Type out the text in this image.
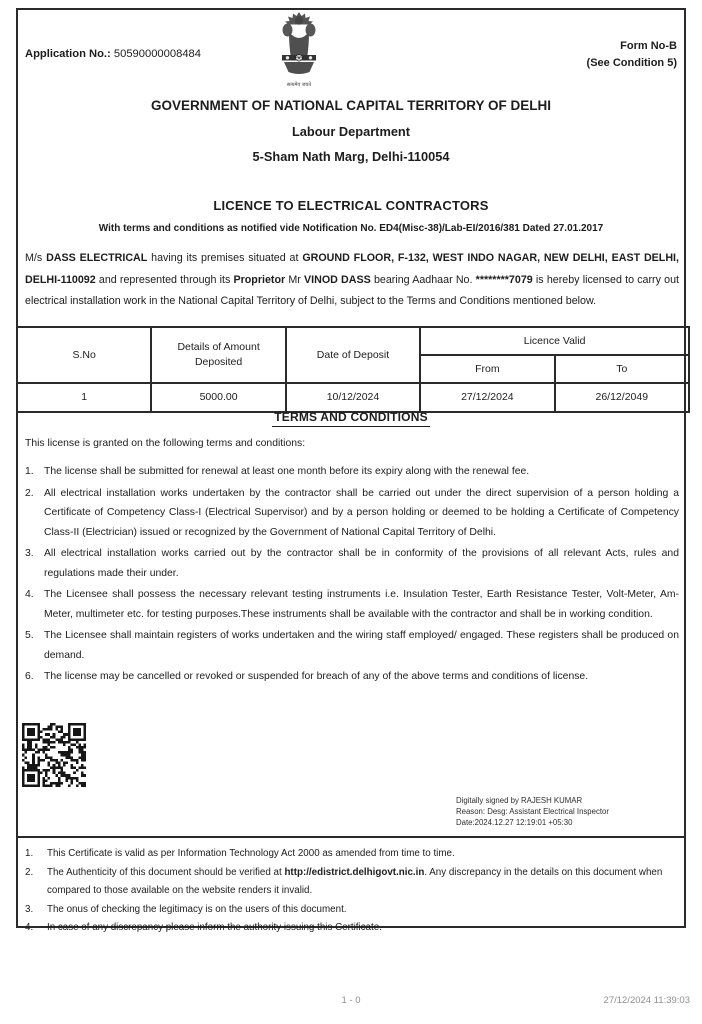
Application No.: 50590000008484
सत्यमेव जयते
Form No-B
(See Condition 5)
GOVERNMENT OF NATIONAL CAPITAL TERRITORY OF DELHI
Labour Department
5-Sham Nath Marg, Delhi-110054
LICENCE TO ELECTRICAL CONTRACTORS
With terms and conditions as notified vide Notification No. ED4(Misc-38)/Lab-EI/2016/381 Dated 27.01.2017
M/s DASS ELECTRICAL having its premises situated at GROUND FLOOR, F-132, WEST INDO NAGAR, NEW DELHI, EAST DELHI, DELHI-110092 and represented through its Proprietor Mr VINOD DASS bearing Aadhaar No. ********7079 is hereby licensed to carry out electrical installation work in the National Capital Territory of Delhi, subject to the Terms and Conditions mentioned below.
S.No	Details of Amount Deposited	Date of Deposit	Licence Valid	
			From	To
1	5000.00	10/12/2024	27/12/2024	26/12/2049
TERMS AND CONDITIONS
This license is granted on the following terms and conditions:
1. The license shall be submitted for renewal at least one month before its expiry along with the renewal fee.
2. All electrical installation works undertaken by the contractor shall be carried out under the direct supervision of a person holding a Certificate of Competency Class-I (Electrical Supervisor) and by a person holding or deemed to be holding a Certificate of Competency Class-II (Electrician) issued or recognized by the Government of National Capital Territory of Delhi.
3. All electrical installation works carried out by the contractor shall be in conformity of the provisions of all relevant Acts, rules and regulations made their under.
4. The Licensee shall possess the necessary relevant testing instruments i.e. Insulation Tester, Earth Resistance Tester, Volt-Meter, Am- Meter, multimeter etc. for testing purposes.These instruments shall be available with the contractor and shall be in working condition.
5. The Licensee shall maintain registers of works undertaken and the wiring staff employed/ engaged. These registers shall be produced on demand.
6. The license may be cancelled or revoked or suspended for breach of any of the above terms and conditions of license.
Digitally signed by RAJESH KUMAR
Reason: Desg: Assistant Electrical Inspector
Date:2024.12.27 12:19:01 +05:30
1.	This Certificate is valid as per Information Technology Act 2000 as amended from time to time.
2.	The Authenticity of this document should be verified at http://edistrict.delhigovt.nic.in. Any discrepancy in the details on this document when compared to those available on the website renders it invalid.
3.	The onus of checking the legitimacy is on the users of this document.
4.	In case of any discrepancy please inform the authority issuing this Certificate.
1 - 0	27/12/2024 11:39:03
